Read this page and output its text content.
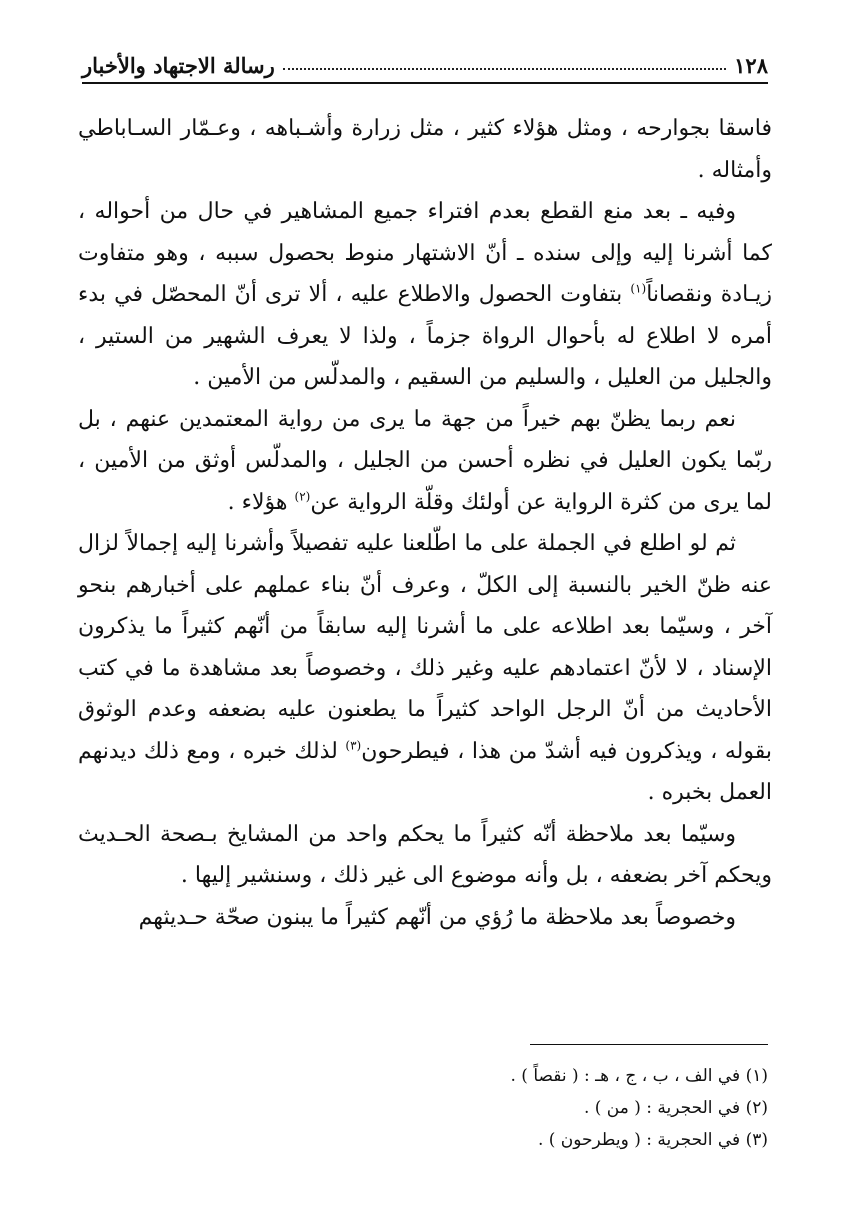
١٢٨
رسالة الاجتهاد والأخبار

فاسقا بجوارحه ، ومثل هؤلاء كثير ، مثل زرارة وأشـباهه ، وعـمّار السـاباطي وأمثاله .

وفيه ـ بعد منع القطع بعدم افتراء جميع المشاهير في حال من أحواله ، كما أشرنا إليه وإلى سنده ـ أنّ الاشتهار منوط بحصول سببه ، وهو متفاوت زيـادة ونقصاناً$^{(١)}$ بتفاوت الحصول والاطلاع عليه ، ألا ترى أنّ المحصّل في بدء أمره لا اطلاع له بأحوال الرواة جزماً ، ولذا لا يعرف الشهير من الستير ، والجليل من العليل ، والسليم من السقيم ، والمدلّس من الأمين .

نعم ربما يظنّ بهم خيراً من جهة ما يرى من رواية المعتمدين عنهم ، بل ربّما يكون العليل في نظره أحسن من الجليل ، والمدلّس أوثق من الأمين ، لما يرى من كثرة الرواية عن أولئك وقلّة الرواية عن$^{(٢)}$ هؤلاء .

ثم لو اطلع في الجملة على ما اطّلعنا عليه تفصيلاً وأشرنا إليه إجمالاً لزال عنه ظنّ الخير بالنسبة إلى الكلّ ، وعرف أنّ بناء عملهم على أخبارهم بنحو آخر ، وسيّما بعد اطلاعه على ما أشرنا إليه سابقاً من أنّهم كثيراً ما يذكرون الإسناد ، لا لأنّ اعتمادهم عليه وغير ذلك ، وخصوصاً بعد مشاهدة ما في كتب الأحاديث من أنّ الرجل الواحد كثيراً ما يطعنون عليه بضعفه وعدم الوثوق بقوله ، ويذكرون فيه أشدّ من هذا ، فيطرحون$^{(٣)}$ لذلك خبره ، ومع ذلك ديدنهم العمل بخبره .

وسيّما بعد ملاحظة أنّه كثيراً ما يحكم واحد من المشايخ بـصحة الحـديث ويحكم آخر بضعفه ، بل وأنه موضوع الى غير ذلك ، وسنشير إليها .

وخصوصاً بعد ملاحظة ما رُؤي من أنّهم كثيراً ما يبنون صحّة حـديثهم

(١) في الف ، ب ، ج ، هـ : ( نقصاً ) .
(٢) في الحجرية : ( من ) .
(٣) في الحجرية : ( ويطرحون ) .
